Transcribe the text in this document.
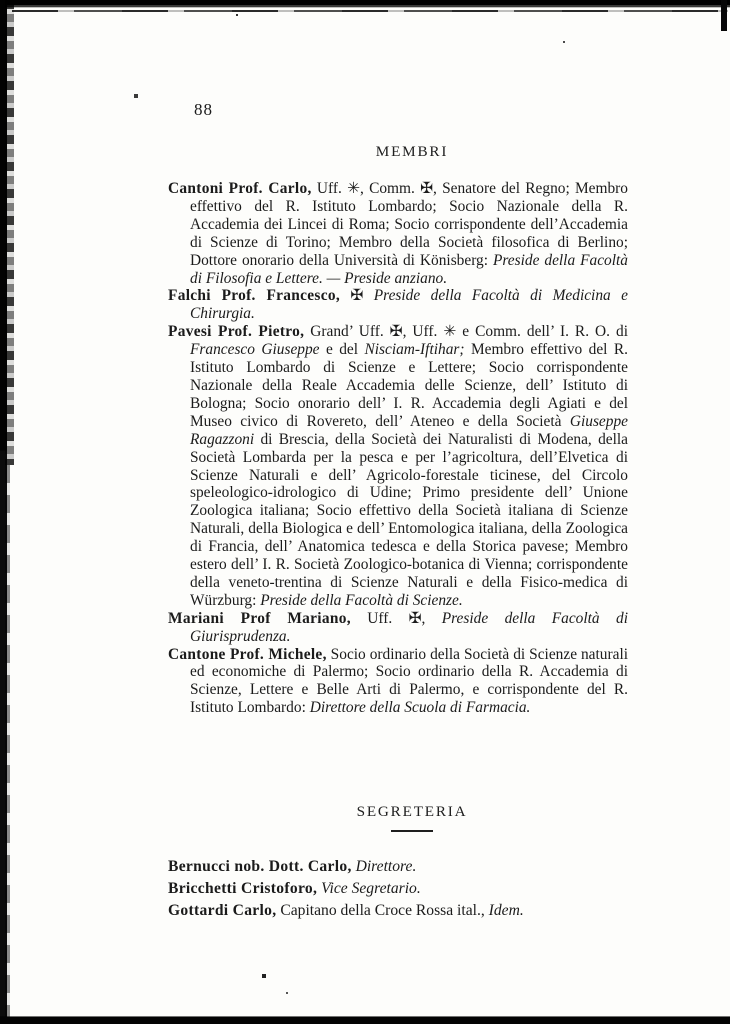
88
MEMBRI

Cantoni Prof. Carlo, Uff. ✳, Comm. ✠, Senatore del Regno; Membro effettivo del R. Istituto Lombardo; Socio Nazionale della R. Accademia dei Lincei di Roma; Socio corrispondente dell’Accademia di Scienze di Torino; Membro della Società filosofica di Berlino; Dottore onorario della Università di Könisberg: Preside della Facoltà di Filosofia e Lettere. — Preside anziano.

Falchi Prof. Francesco, ✠ Preside della Facoltà di Medicina e Chirurgia.

Pavesi Prof. Pietro, Grand’ Uff. ✠, Uff. ✳ e Comm. dell’ I. R. O. di Francesco Giuseppe e del Nisciam-Iftihar; Membro effettivo del R. Istituto Lombardo di Scienze e Lettere; Socio corrispondente Nazionale della Reale Accademia delle Scienze, dell’ Istituto di Bologna; Socio onorario dell’ I. R. Accademia degli Agiati e del Museo civico di Rovereto, dell’ Ateneo e della Società Giuseppe Ragazzoni di Brescia, della Società dei Naturalisti di Modena, della Società Lombarda per la pesca e per l’agricoltura, dell’Elvetica di Scienze Naturali e dell’ Agricolo-forestale ticinese, del Circolo speleologico-idrologico di Udine; Primo presidente dell’ Unione Zoologica italiana; Socio effettivo della Società italiana di Scienze Naturali, della Biologica e dell’ Entomologica italiana, della Zoologica di Francia, dell’ Anatomica tedesca e della Storica pavese; Membro estero dell’ I. R. Società Zoologico-botanica di Vienna; corrispondente della veneto-trentina di Scienze Naturali e della Fisico-medica di Würzburg: Preside della Facoltà di Scienze.

Mariani Prof Mariano, Uff. ✠, Preside della Facoltà di Giurisprudenza.

Cantone Prof. Michele, Socio ordinario della Società di Scienze naturali ed economiche di Palermo; Socio ordinario della R. Accademia di Scienze, Lettere e Belle Arti di Palermo, e corrispondente del R. Istituto Lombardo: Direttore della Scuola di Farmacia.

SEGRETERIA

Bernucci nob. Dott. Carlo, Direttore.

Bricchetti Cristoforo, Vice Segretario.

Gottardi Carlo, Capitano della Croce Rossa ital., Idem.
